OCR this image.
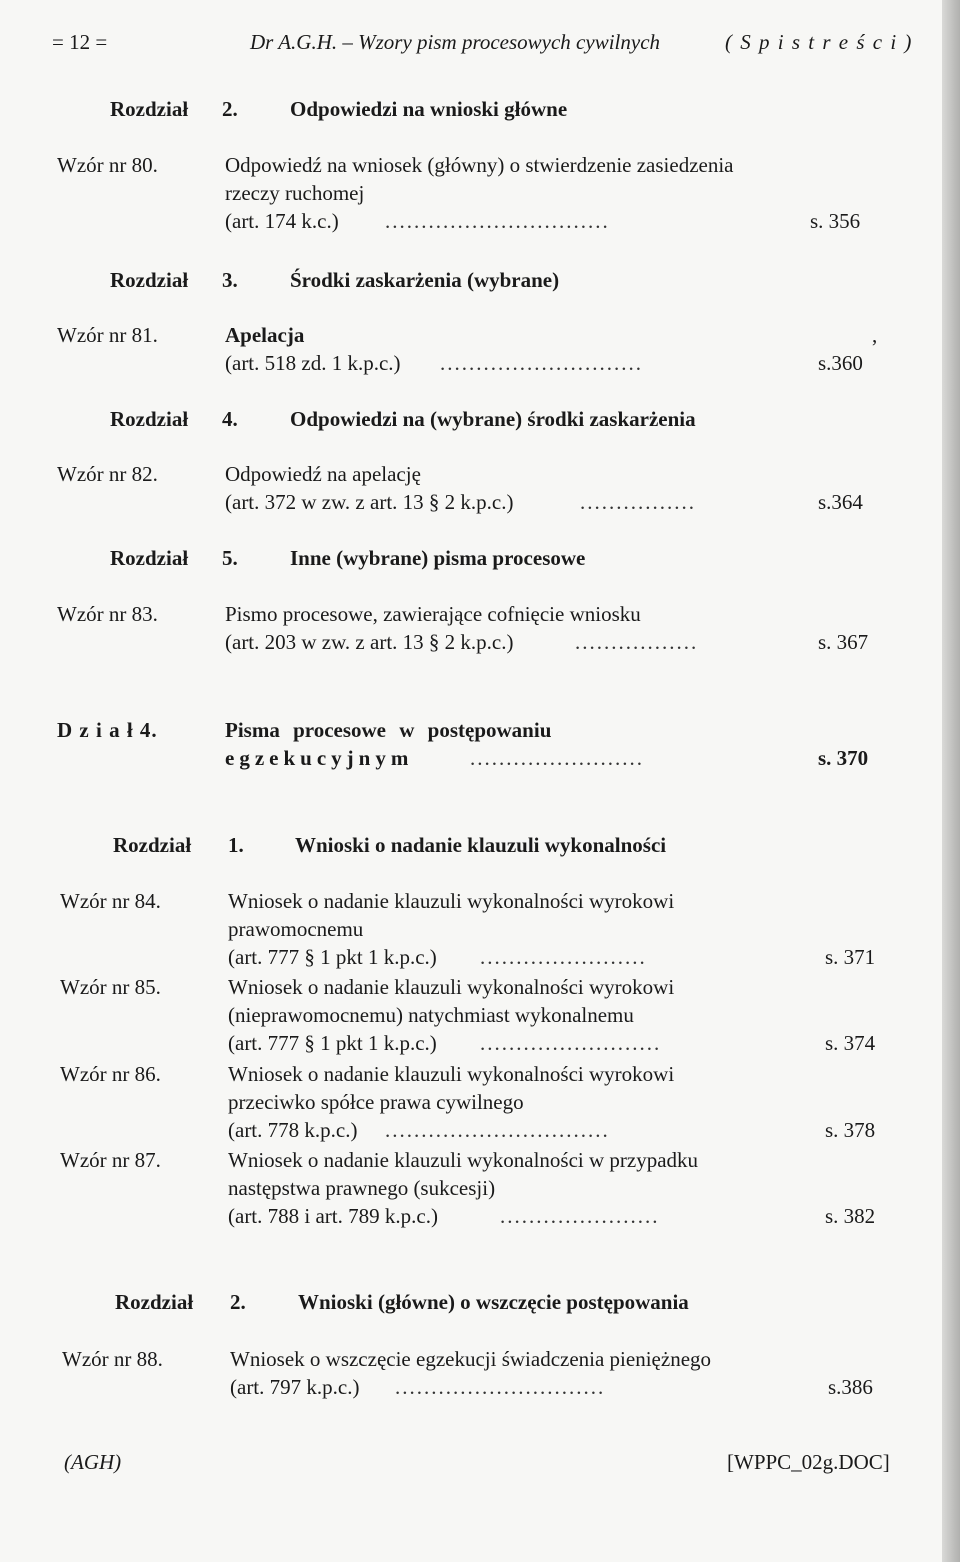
= 12 =	Dr A.G.H. – Wzory pism procesowych cywilnych	( S p i s t r e ś c i )
Rozdział 2. Odpowiedzi na wnioski główne
Wzór nr 80.	Odpowiedź na wniosek (główny) o stwierdzenie zasiedzenia
rzeczy ruchomej
(art. 174 k.c.) ...............................	s. 356
Rozdział 3. Środki zaskarżenia (wybrane)
Wzór nr 81.	Apelacja	,
(art. 518 zd. 1 k.p.c.) ............................	s.360
Rozdział 4. Odpowiedzi na (wybrane) środki zaskarżenia
Wzór nr 82.	Odpowiedź na apelację
(art. 372 w zw. z art. 13 § 2 k.p.c.)	................	s.364
Rozdział 5. Inne (wybrane) pisma procesowe
Wzór nr 83.	Pismo procesowe, zawierające cofnięcie wniosku
(art. 203 w zw. z art. 13 § 2 k.p.c.)	.................	s. 367
D z i a ł 4.	Pisma procesowe w postępowaniu
egzekucyjnym	........................	s. 370
Rozdział 1. Wnioski o nadanie klauzuli wykonalności
Wzór nr 84.	Wniosek o nadanie klauzuli wykonalności wyrokowi
prawomocnemu
(art. 777 § 1 pkt 1 k.p.c.) .......................	s. 371
Wzór nr 85.	Wniosek o nadanie klauzuli wykonalności wyrokowi
(nieprawomocnemu) natychmiast wykonalnemu
(art. 777 § 1 pkt 1 k.p.c.) .........................	s. 374
Wzór nr 86.	Wniosek o nadanie klauzuli wykonalności wyrokowi
przeciwko spółce prawa cywilnego
(art. 778 k.p.c.) ...............................	s. 378
Wzór nr 87.	Wniosek o nadanie klauzuli wykonalności w przypadku
następstwa prawnego (sukcesji)
(art. 788 i art. 789 k.p.c.)	......................	s. 382
Rozdział 2. Wnioski (główne) o wszczęcie postępowania
Wzór nr 88.	Wniosek o wszczęcie egzekucji świadczenia pieniężnego
(art. 797 k.p.c.) .............................	s.386
(AGH)	[WPPC_02g.DOC]
